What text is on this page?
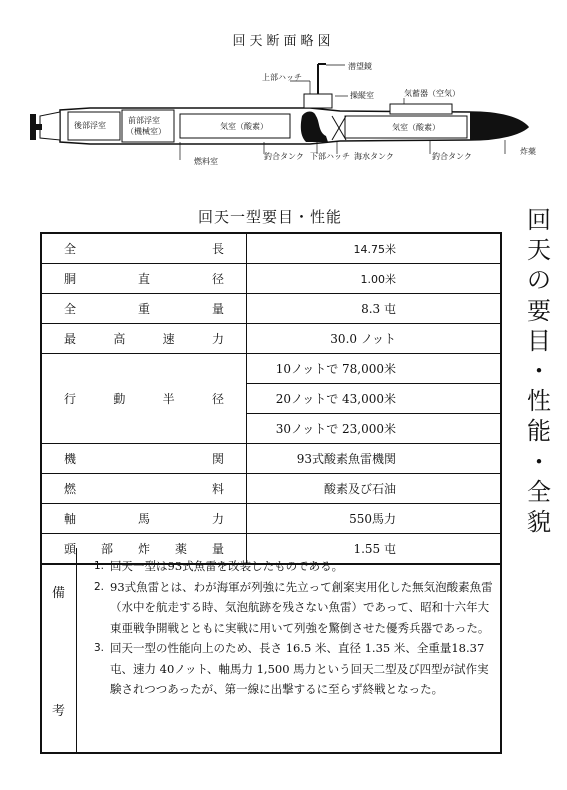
回天断面略図
潜望鏡
上部ハッチ
操縦室	気蓄器（空気）
後部浮室
前部浮室
（機械室）
気室（酸素）	気室（酸素）
燃料室
釣合タンク 下部ハッチ 海水タンク	釣合タンク
炸薬
回天一型要目・性能
全 長	14.75米

胴 直 径	1.00米

全 重 量	8.3 屯

最 高 速 力	30.0 ノット

行 動 半 径	10ノットで 78,000米
	20ノットで 43,000米
	30ノットで 23,000米

機 関	93式酸素魚雷機関

燃 料	酸素及び石油

軸 馬 力	550馬力

頭 部 炸 薬 量	1.55 屯
備
考
1. 回天一型は93式魚雷を改装したものである。
2. 93式魚雷とは、わが海軍が列強に先立って創案実用化した無気泡酸素魚雷（水中を航走する時、気泡航跡を残さない魚雷）であって、昭和十六年大東亜戦争開戦とともに実戦に用いて列強を驚倒させた優秀兵器であった。
3. 回天一型の性能向上のため、長さ 16.5 米、直径 1.35 米、全重量18.37 屯、速力 40ノット、軸馬力 1,500 馬力という回天二型及び四型が試作実験されつつあったが、第一線に出撃するに至らず終戦となった。
回
天
の
要
目
・
性
能
・
全
貌
